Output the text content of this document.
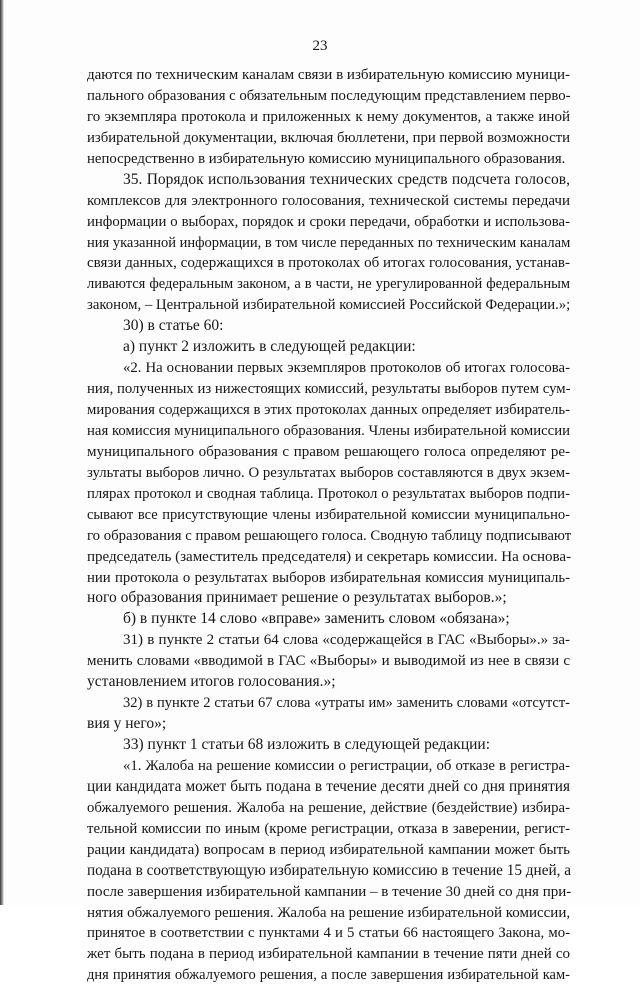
23
даются по техническим каналам связи в избирательную комиссию муници-
пального образования с обязательным последующим представлением перво-
го экземпляра протокола и приложенных к нему документов, а также иной
избирательной документации, включая бюллетени, при первой возможности
непосредственно в избирательную комиссию муниципального образования.
35. Порядок использования технических средств подсчета голосов,
комплексов для электронного голосования, технической системы передачи
информации о выборах, порядок и сроки передачи, обработки и использова-
ния указанной информации, в том числе переданных по техническим каналам
связи данных, содержащихся в протоколах об итогах голосования, устанав-
ливаются федеральным законом, а в части, не урегулированной федеральным
законом, – Центральной избирательной комиссией Российской Федерации.»;
30) в статье 60:
а) пункт 2 изложить в следующей редакции:
«2. На основании первых экземпляров протоколов об итогах голосова-
ния, полученных из нижестоящих комиссий, результаты выборов путем сум-
мирования содержащихся в этих протоколах данных определяет избиратель-
ная комиссия муниципального образования. Члены избирательной комиссии
муниципального образования с правом решающего голоса определяют ре-
зультаты выборов лично. О результатах выборов составляются в двух экзем-
плярах протокол и сводная таблица. Протокол о результатах выборов подпи-
сывают все присутствующие члены избирательной комиссии муниципально-
го образования с правом решающего голоса. Сводную таблицу подписывают
председатель (заместитель председателя) и секретарь комиссии. На основа-
нии протокола о результатах выборов избирательная комиссия муниципаль-
ного образования принимает решение о результатах выборов.»;
б) в пункте 14 слово «вправе» заменить словом «обязана»;
31) в пункте 2 статьи 64 слова «содержащейся в ГАС «Выборы».» за-
менить словами «вводимой в ГАС «Выборы» и выводимой из нее в связи с
установлением итогов голосования.»;
32) в пункте 2 статьи 67 слова «утраты им» заменить словами «отсутст-
вия у него»;
33) пункт 1 статьи 68 изложить в следующей редакции:
«1. Жалоба на решение комиссии о регистрации, об отказе в регистра-
ции кандидата может быть подана в течение десяти дней со дня принятия
обжалуемого решения. Жалоба на решение, действие (бездействие) избира-
тельной комиссии по иным (кроме регистрации, отказа в заверении, регист-
рации кандидата) вопросам в период избирательной кампании может быть
подана в соответствующую избирательную комиссию в течение 15 дней, а
после завершения избирательной кампании – в течение 30 дней со дня при-
нятия обжалуемого решения. Жалоба на решение избирательной комиссии,
принятое в соответствии с пунктами 4 и 5 статьи 66 настоящего Закона, мо-
жет быть подана в период избирательной кампании в течение пяти дней со
дня принятия обжалуемого решения, а после завершения избирательной кам-
